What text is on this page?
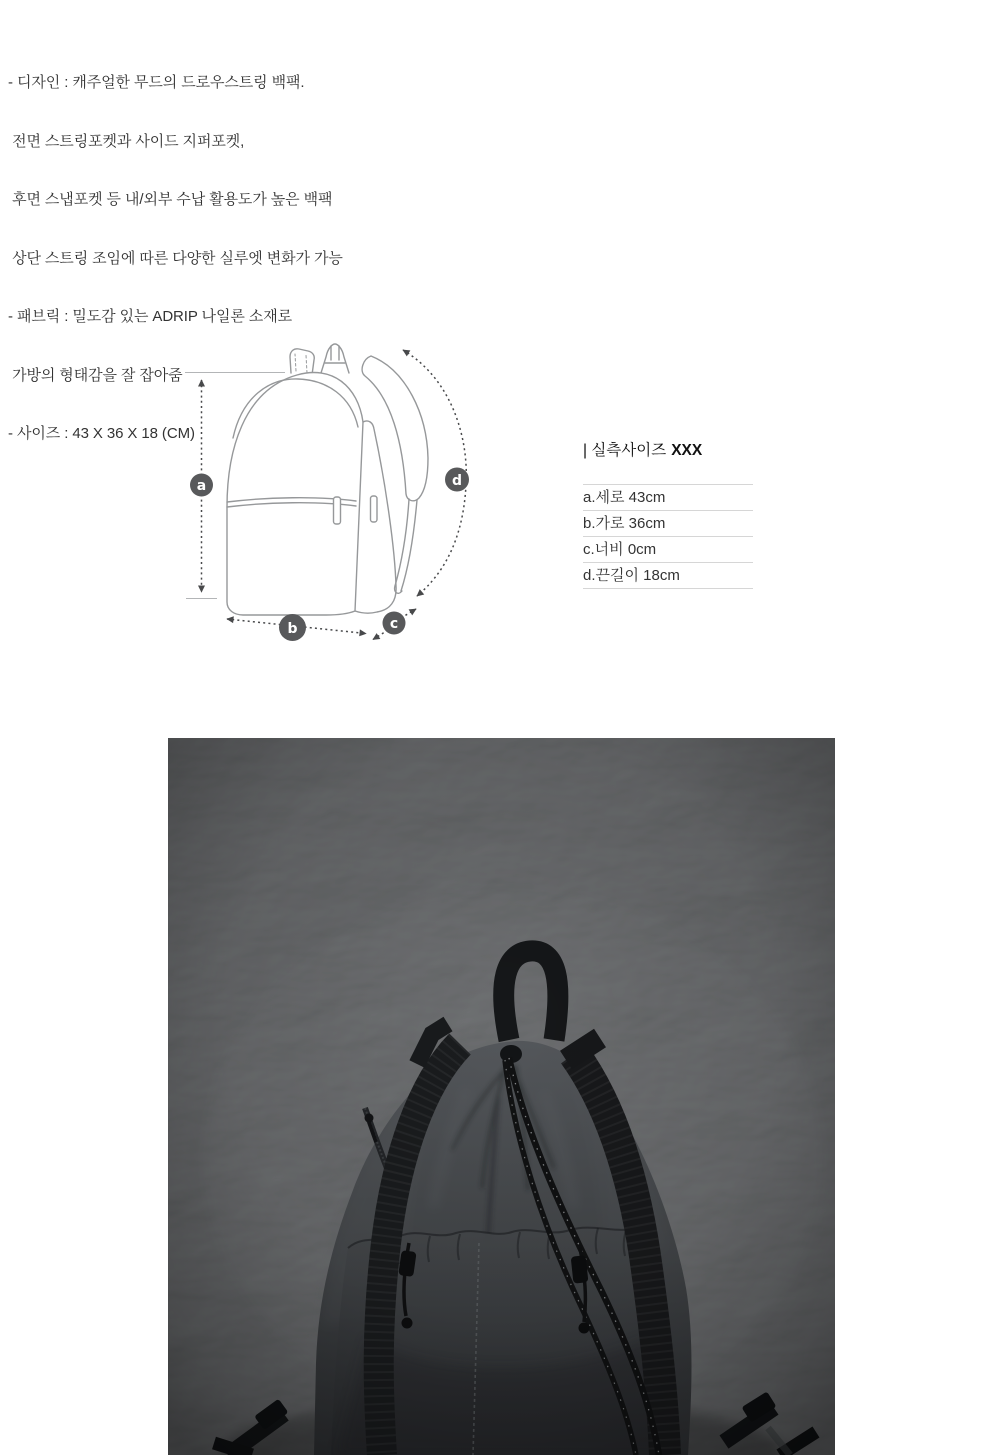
- 디자인 : 캐주얼한 무드의 드로우스트링 백팩.

전면 스트링포켓과 사이드 지퍼포켓,

후면 스냅포켓 등 내/외부 수납 활용도가 높은 백팩

상단 스트링 조임에 따른 다양한 실루엣 변화가 가능

- 패브릭 : 밀도감 있는 ADRIP 나일론 소재로

가방의 형태감을 잘 잡아줌

- 사이즈 : 43 X 36 X 18 (CM)

a
b	c
d
| 실측사이즈 XXX
a.세로 43cm
b.가로 36cm
c.너비 0cm
d.끈길이 18cm
